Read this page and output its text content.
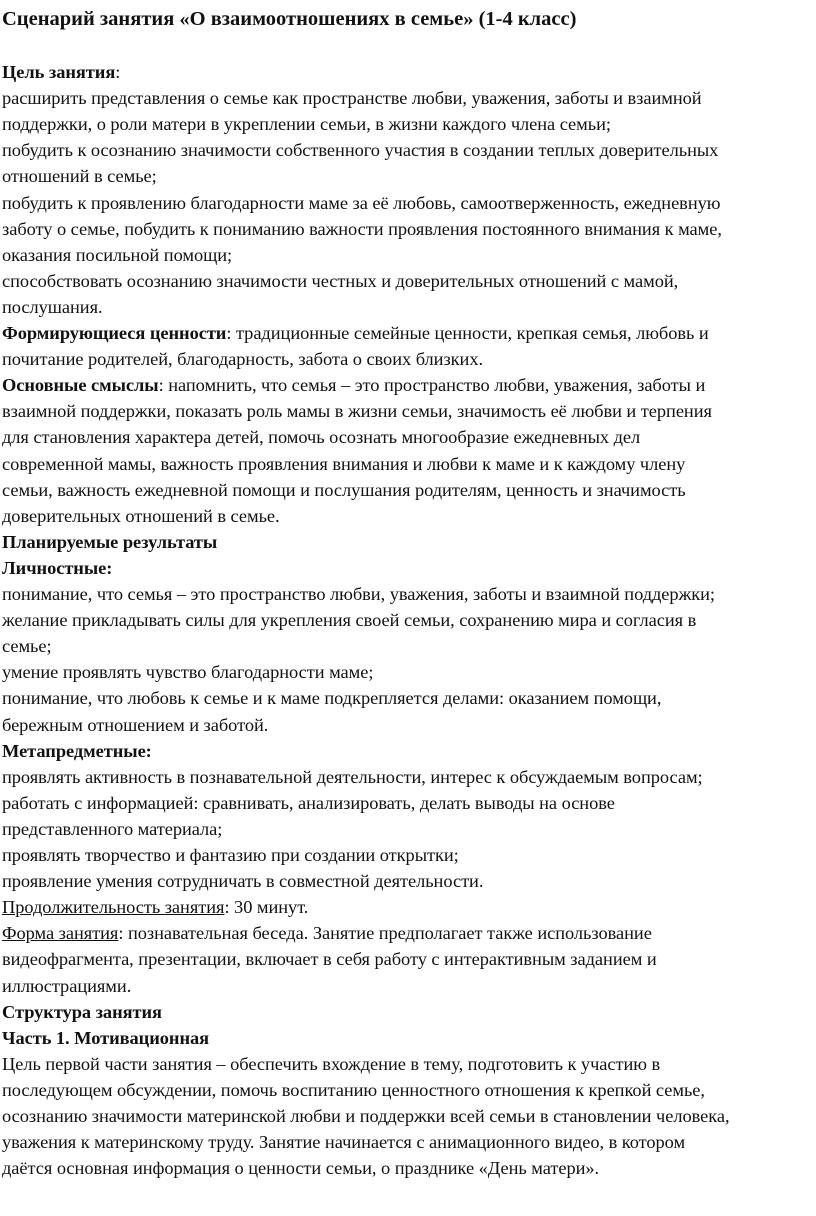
Сценарий занятия «О взаимоотношениях в семье» (1-4 класс)
Цель занятия:
расширить представления о семье как пространстве любви, уважения, заботы и взаимной
поддержки, о роли матери в укреплении семьи, в жизни каждого члена семьи;
побудить к осознанию значимости собственного участия в создании теплых доверительных
отношений в семье;
побудить к проявлению благодарности маме за её любовь, самоотверженность, ежедневную
заботу о семье, побудить к пониманию важности проявления постоянного внимания к маме,
оказания посильной помощи;
способствовать осознанию значимости честных и доверительных отношений с мамой,
послушания.
Формирующиеся ценности: традиционные семейные ценности, крепкая семья, любовь и
почитание родителей, благодарность, забота о своих близких.
Основные смыслы: напомнить, что семья – это пространство любви, уважения, заботы и
взаимной поддержки, показать роль мамы в жизни семьи, значимость её любви и терпения
для становления характера детей, помочь осознать многообразие ежедневных дел
современной мамы, важность проявления внимания и любви к маме и к каждому члену
семьи, важность ежедневной помощи и послушания родителям, ценность и значимость
доверительных отношений в семье.
Планируемые результаты
Личностные:
понимание, что семья – это пространство любви, уважения, заботы и взаимной поддержки;
желание прикладывать силы для укрепления своей семьи, сохранению мира и согласия в
семье;
умение проявлять чувство благодарности маме;
понимание, что любовь к семье и к маме подкрепляется делами: оказанием помощи,
бережным отношением и заботой.
Метапредметные:
проявлять активность в познавательной деятельности, интерес к обсуждаемым вопросам;
работать с информацией: сравнивать, анализировать, делать выводы на основе
представленного материала;
проявлять творчество и фантазию при создании открытки;
проявление умения сотрудничать в совместной деятельности.
Продолжительность занятия: 30 минут.
Форма занятия: познавательная беседа. Занятие предполагает также использование
видеофрагмента, презентации, включает в себя работу с интерактивным заданием и
иллюстрациями.
Структура занятия
Часть 1. Мотивационная
Цель первой части занятия – обеспечить вхождение в тему, подготовить к участию в
последующем обсуждении, помочь воспитанию ценностного отношения к крепкой семье,
осознанию значимости материнской любви и поддержки всей семьи в становлении человека,
уважения к материнскому труду. Занятие начинается с анимационного видео, в котором
даётся основная информация о ценности семьи, о празднике «День матери».
